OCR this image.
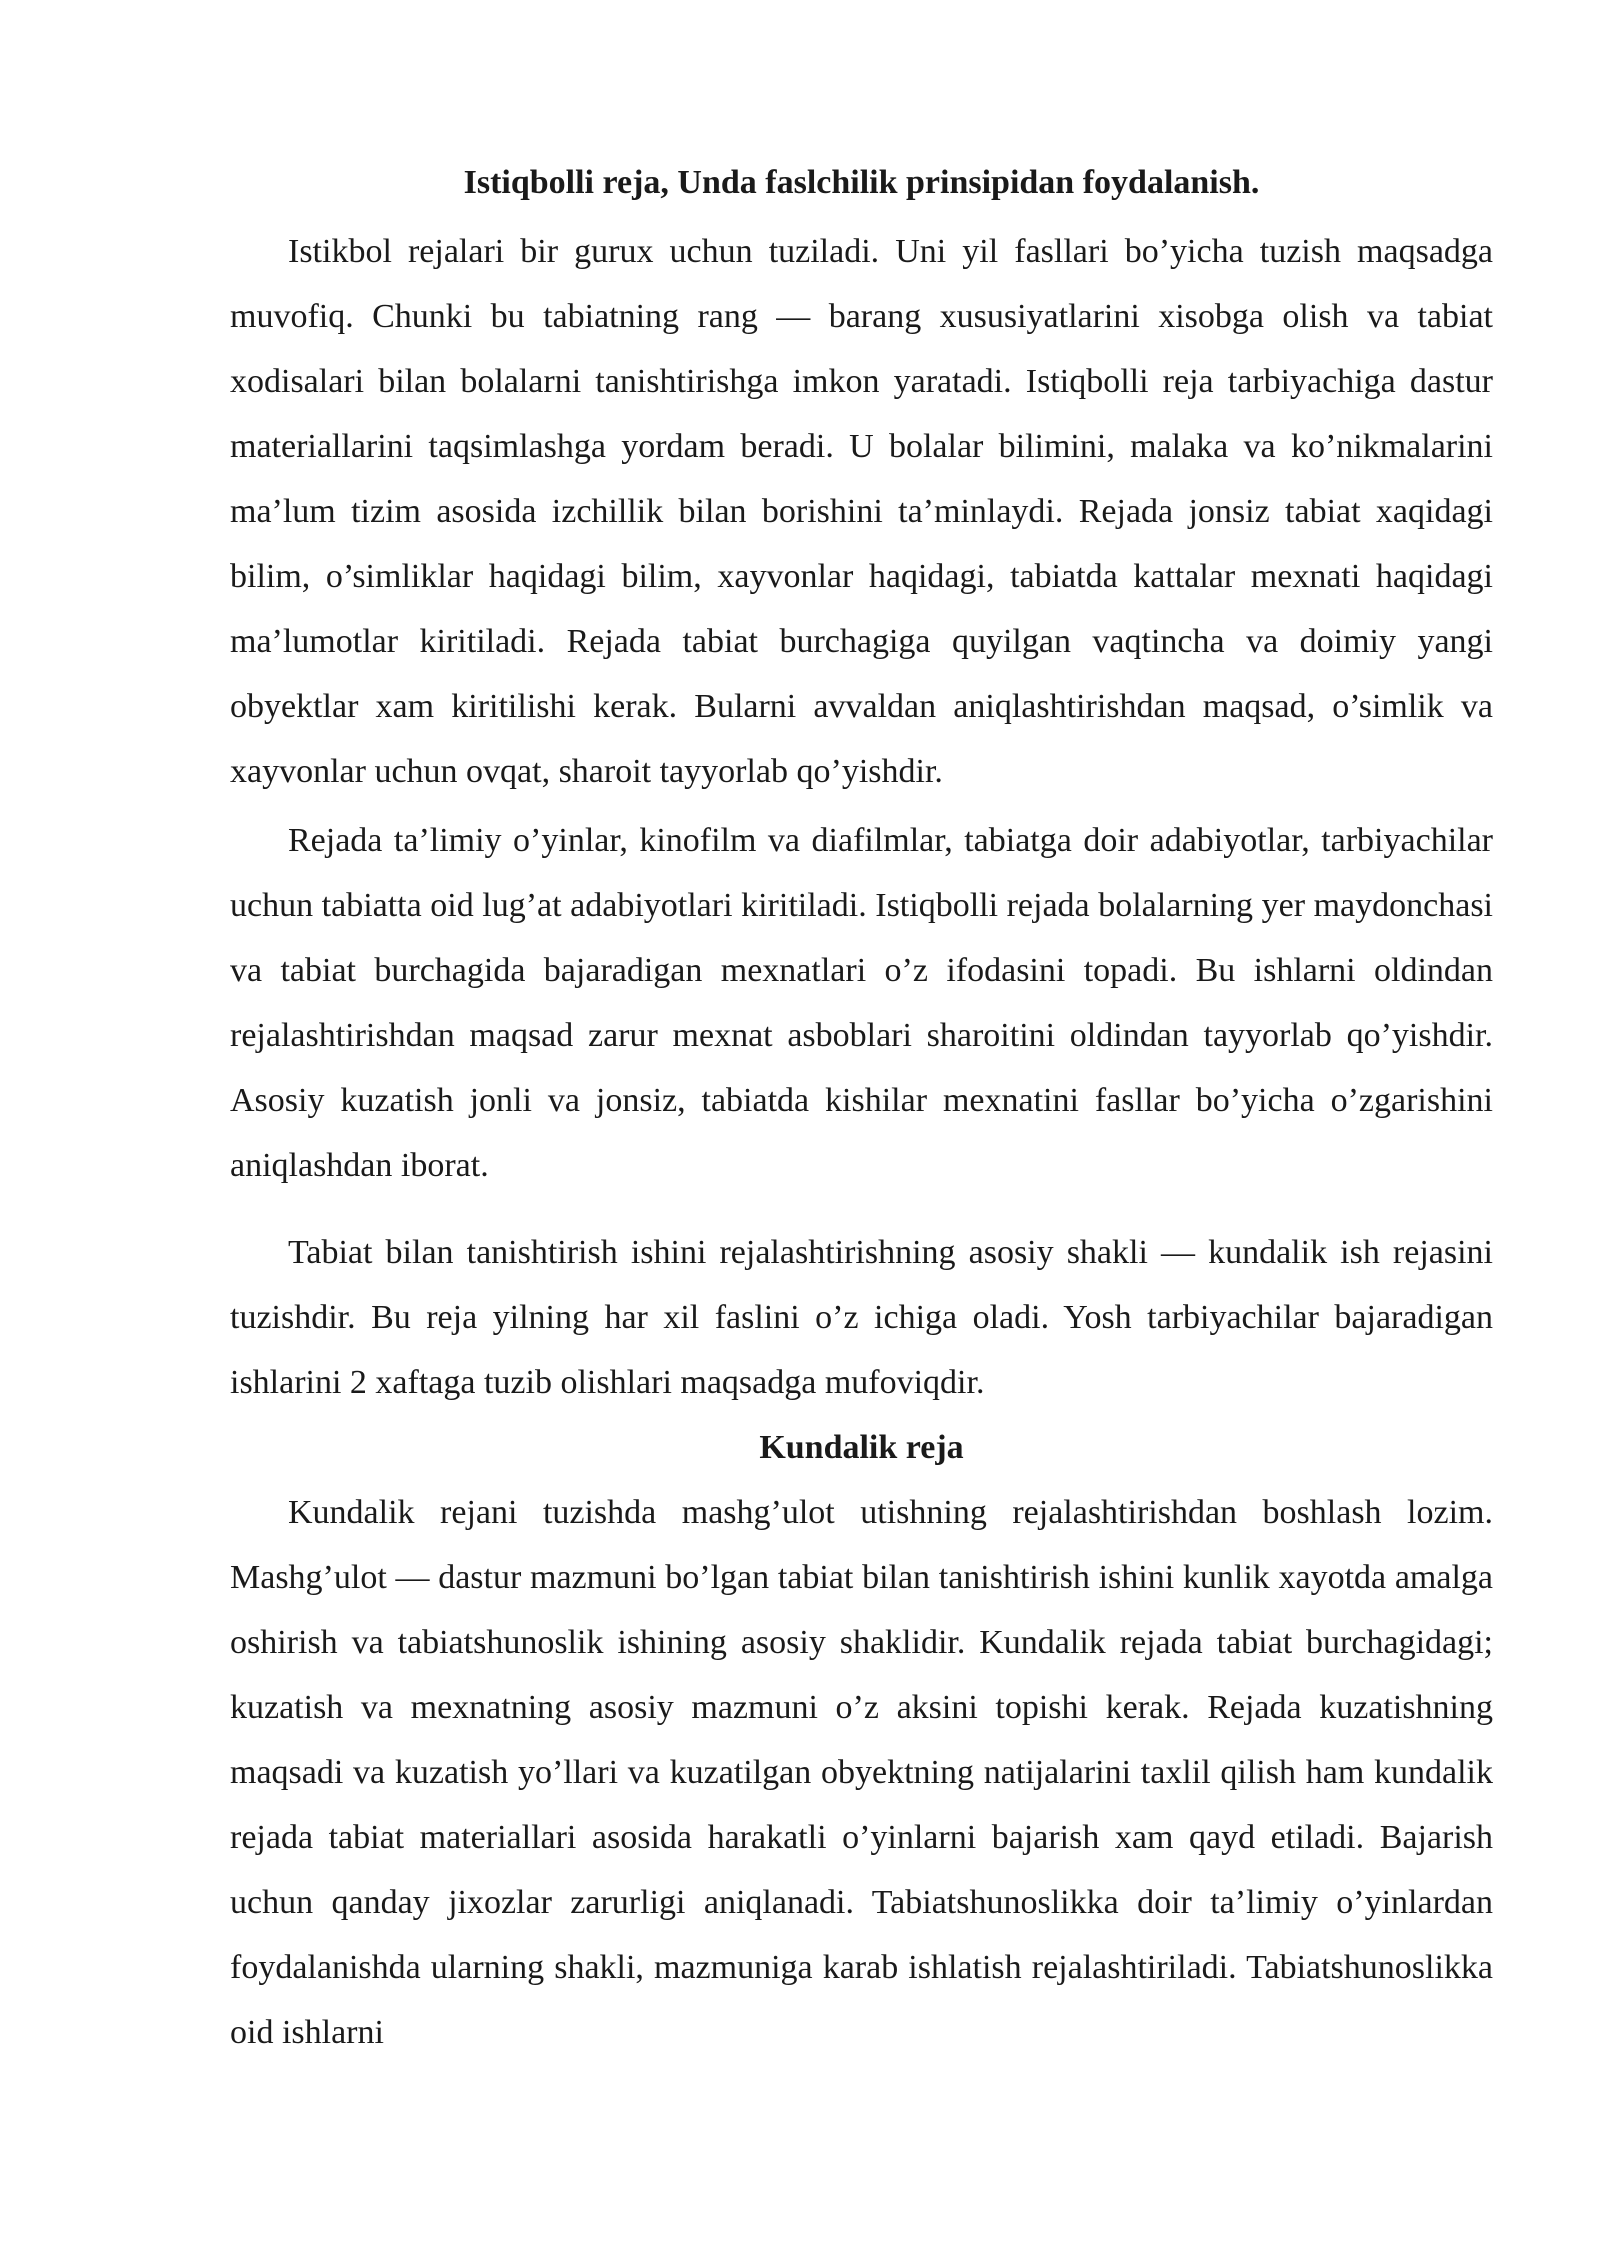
Istiqbolli reja, Unda faslchilik prinsipidan foydalanish.

Istikbol rejalari bir gurux uchun tuziladi. Uni yil fasllari bo’yicha tuzish maqsadga muvofiq. Chunki bu tabiatning rang — barang xususiyatlarini xisobga olish va tabiat xodisalari bilan bolalarni tanishtirishga imkon yaratadi. Istiqbolli reja tarbiyachiga dastur materiallarini taqsimlashga yordam beradi. U bolalar bilimini, malaka va ko’nikmalarini ma’lum tizim asosida izchillik bilan borishini ta’minlaydi. Rejada jonsiz tabiat xaqidagi bilim, o’simliklar haqidagi bilim, xayvonlar haqidagi, tabiatda kattalar mexnati haqidagi ma’lumotlar kiritiladi. Rejada tabiat burchagiga quyilgan vaqtincha va doimiy yangi obyektlar xam kiritilishi kerak. Bularni avvaldan aniqlashtirishdan maqsad, o’simlik va xayvonlar uchun ovqat, sharoit tayyorlab qo’yishdir.

Rejada ta’limiy o’yinlar, kinofilm va diafilmlar, tabiatga doir adabiyotlar, tarbiyachilar uchun tabiatta oid lug’at adabiyotlari kiritiladi. Istiqbolli rejada bolalarning yer maydonchasi va tabiat burchagida bajaradigan mexnatlari o’z ifodasini topadi. Bu ishlarni oldindan rejalashtirishdan maqsad zarur mexnat asboblari sharoitini oldindan tayyorlab qo’yishdir. Asosiy kuzatish jonli va jonsiz, tabiatda kishilar mexnatini fasllar bo’yicha o’zgarishini aniqlashdan iborat.

Tabiat bilan tanishtirish ishini rejalashtirishning asosiy shakli — kundalik ish rejasini tuzishdir. Bu reja yilning har xil faslini o’z ichiga oladi. Yosh tarbiyachilar bajaradigan ishlarini 2 xaftaga tuzib olishlari maqsadga mufoviqdir.

Kundalik reja

Kundalik rejani tuzishda mashg’ulot utishning rejalashtirishdan boshlash lozim. Mashg’ulot — dastur mazmuni bo’lgan tabiat bilan tanishtirish ishini kunlik xayotda amalga oshirish va tabiatshunoslik ishining asosiy shaklidir. Kundalik rejada tabiat burchagidagi; kuzatish va mexnatning asosiy mazmuni o’z aksini topishi kerak. Rejada kuzatishning maqsadi va kuzatish yo’llari va kuzatilgan obyektning natijalarini taxlil qilish ham kundalik rejada tabiat materiallari asosida harakatli o’yinlarni bajarish xam qayd etiladi. Bajarish uchun qanday jixozlar zarurligi aniqlanadi. Tabiatshunoslikka doir ta’limiy o’yinlardan foydalanishda ularning shakli, mazmuniga karab ishlatish rejalashtiriladi. Tabiatshunoslikka oid ishlarni
